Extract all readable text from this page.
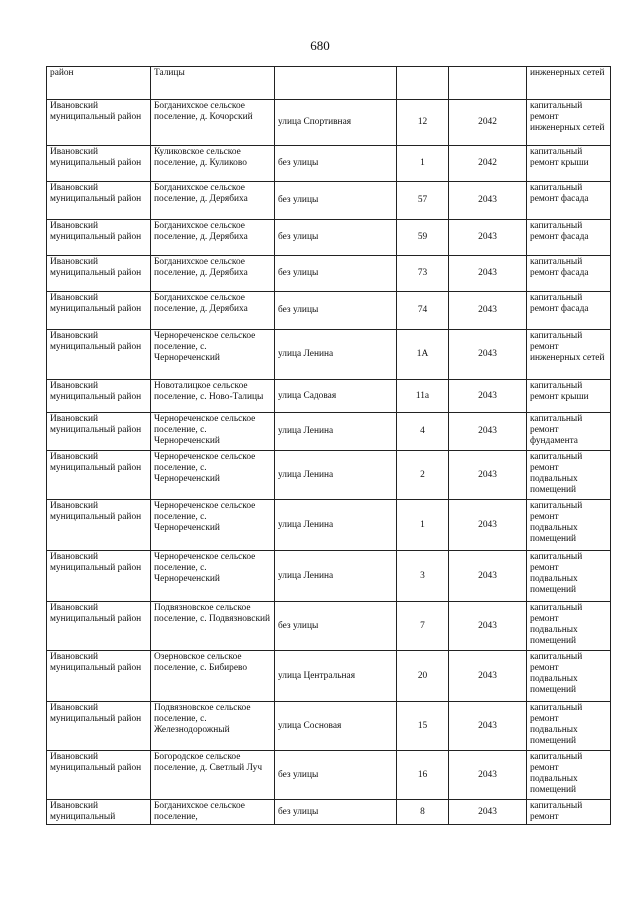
680
район	Талицы				инженерных сетей
Ивановский муниципальный район	Богданихское сельское поселение, д. Кочорский	улица Спортивная	12	2042	капитальный ремонт инженерных сетей
Ивановский муниципальный район	Куликовское сельское поселение, д. Куликово	без улицы	1	2042	капитальный ремонт крыши
Ивановский муниципальный район	Богданихское сельское поселение, д. Дерябиха	без улицы	57	2043	капитальный ремонт фасада
Ивановский муниципальный район	Богданихское сельское поселение, д. Дерябиха	без улицы	59	2043	капитальный ремонт фасада
Ивановский муниципальный район	Богданихское сельское поселение, д. Дерябиха	без улицы	73	2043	капитальный ремонт фасада
Ивановский муниципальный район	Богданихское сельское поселение, д. Дерябиха	без улицы	74	2043	капитальный ремонт фасада
Ивановский муниципальный район	Чернореченское сельское поселение, с. Чернореченский	улица Ленина	1А	2043	капитальный ремонт инженерных сетей
Ивановский муниципальный район	Новоталицкое сельское поселение, с. Ново-Талицы	улица Садовая	11а	2043	капитальный ремонт крыши
Ивановский муниципальный район	Чернореченское сельское поселение, с. Чернореченский	улица Ленина	4	2043	капитальный ремонт фундамента
Ивановский муниципальный район	Чернореченское сельское поселение, с. Чернореченский	улица Ленина	2	2043	капитальный ремонт подвальных помещений
Ивановский муниципальный район	Чернореченское сельское поселение, с. Чернореченский	улица Ленина	1	2043	капитальный ремонт подвальных помещений
Ивановский муниципальный район	Чернореченское сельское поселение, с. Чернореченский	улица Ленина	3	2043	капитальный ремонт подвальных помещений
Ивановский муниципальный район	Подвязновское сельское поселение, с. Подвязновский	без улицы	7	2043	капитальный ремонт подвальных помещений
Ивановский муниципальный район	Озерновское сельское поселение, с. Бибирево	улица Центральная	20	2043	капитальный ремонт подвальных помещений
Ивановский муниципальный район	Подвязновское сельское поселение, с. Железнодорожный	улица Сосновая	15	2043	капитальный ремонт подвальных помещений
Ивановский муниципальный район	Богородское сельское поселение, д. Светлый Луч	без улицы	16	2043	капитальный ремонт подвальных помещений
Ивановский муниципальный	Богданихское сельское поселение,	без улицы	8	2043	капитальный ремонт
